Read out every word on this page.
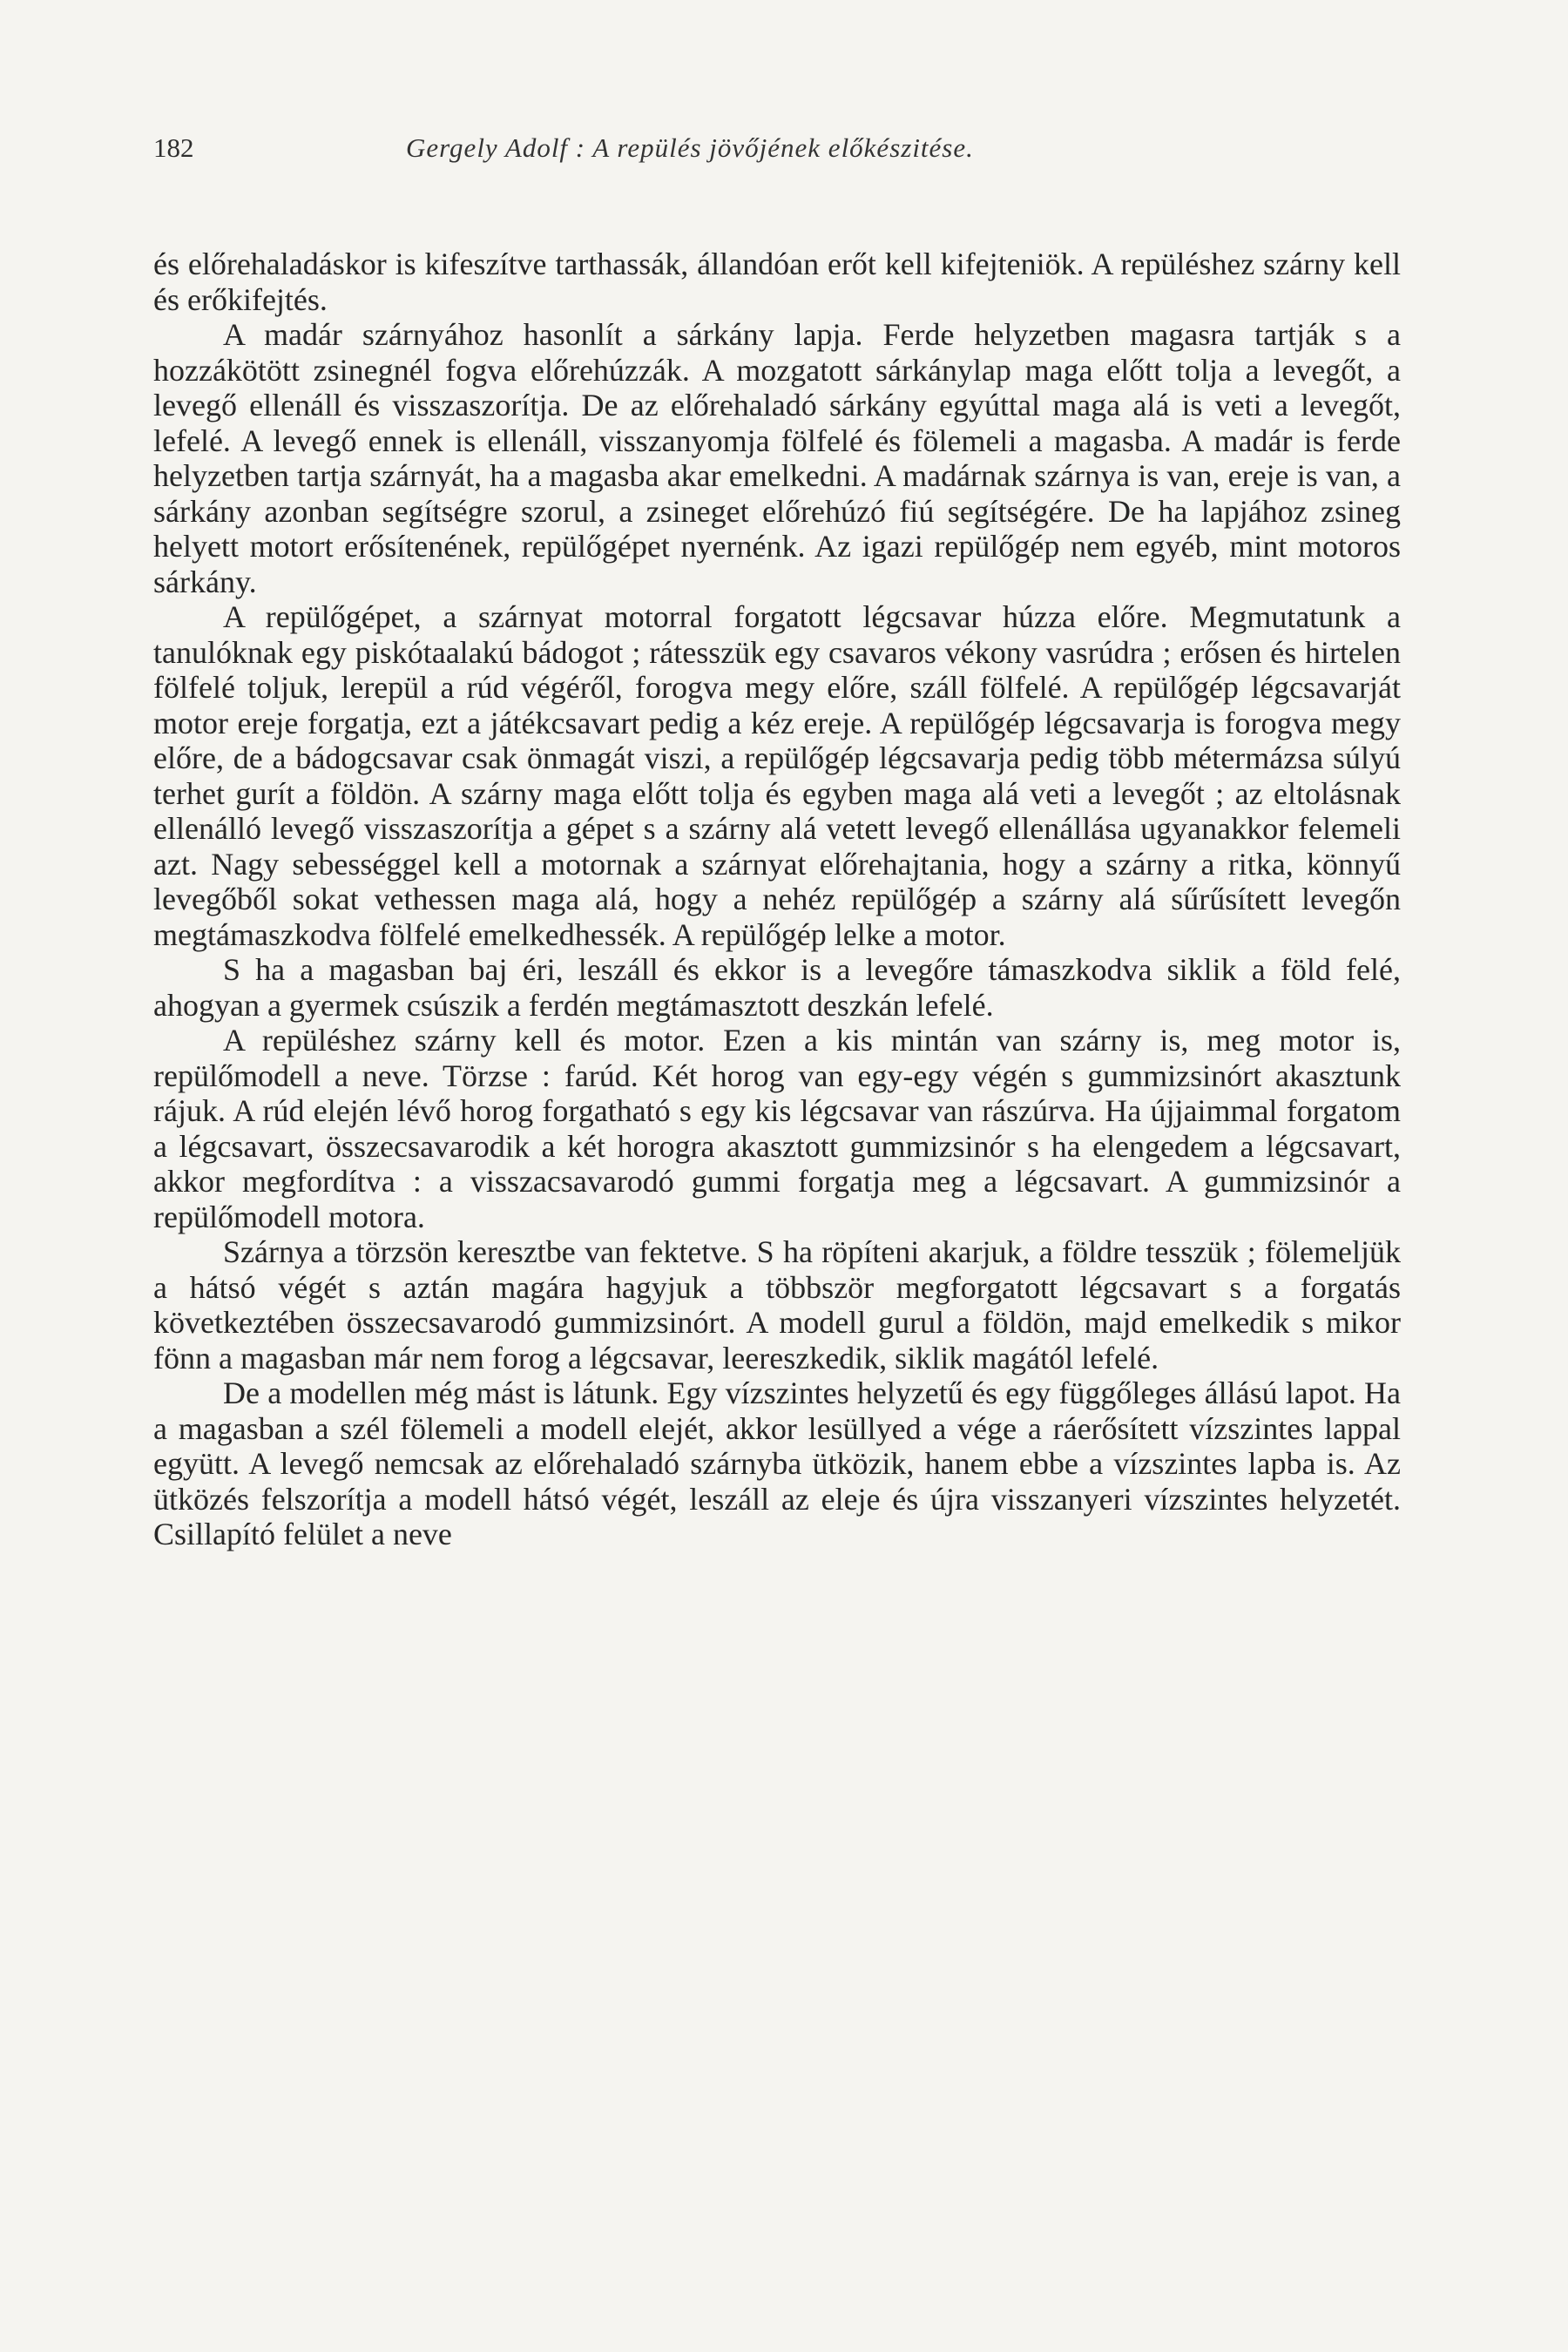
182	Gergely Adolf : A repülés jövőjének előkészitése.

és előrehaladáskor is kifeszítve tarthassák, állandóan erőt kell kifejteniök. A repüléshez szárny kell és erőkifejtés.

A madár szárnyához hasonlít a sárkány lapja. Ferde helyzetben magasra tartják s a hozzákötött zsinegnél fogva előrehúzzák. A mozgatott sárkánylap maga előtt tolja a levegőt, a levegő ellenáll és visszaszorítja. De az előrehaladó sárkány egyúttal maga alá is veti a levegőt, lefelé. A levegő ennek is ellenáll, visszanyomja fölfelé és fölemeli a magasba. A madár is ferde helyzetben tartja szárnyát, ha a magasba akar emelkedni. A madárnak szárnya is van, ereje is van, a sárkány azonban segítségre szorul, a zsineget előrehúzó fiú segítségére. De ha lapjához zsineg helyett motort erősítenének, repülőgépet nyernénk. Az igazi repülőgép nem egyéb, mint motoros sárkány.

A repülőgépet, a szárnyat motorral forgatott légcsavar húzza előre. Megmutatunk a tanulóknak egy piskótaalakú bádogot ; rátesszük egy csavaros vékony vasrúdra ; erősen és hirtelen fölfelé toljuk, lerepül a rúd végéről, forogva megy előre, száll fölfelé. A repülőgép légcsavarját motor ereje forgatja, ezt a játékcsavart pedig a kéz ereje. A repülőgép légcsavarja is forogva megy előre, de a bádogcsavar csak önmagát viszi, a repülőgép légcsavarja pedig több métermázsa súlyú terhet gurít a földön. A szárny maga előtt tolja és egyben maga alá veti a levegőt ; az eltolásnak ellenálló levegő visszaszorítja a gépet s a szárny alá vetett levegő ellenállása ugyanakkor felemeli azt. Nagy sebességgel kell a motornak a szárnyat előrehajtania, hogy a szárny a ritka, könnyű levegőből sokat vethessen maga alá, hogy a nehéz repülőgép a szárny alá sűrűsített levegőn megtámaszkodva fölfelé emelkedhessék. A repülőgép lelke a motor.

S ha a magasban baj éri, leszáll és ekkor is a levegőre támaszkodva siklik a föld felé, ahogyan a gyermek csúszik a ferdén megtámasztott deszkán lefelé.

A repüléshez szárny kell és motor. Ezen a kis mintán van szárny is, meg motor is, repülőmodell a neve. Törzse : farúd. Két horog van egy-egy végén s gummizsinórt akasztunk rájuk. A rúd elején lévő horog forgatható s egy kis légcsavar van rászúrva. Ha újjaimmal forgatom a légcsavart, összecsavarodik a két horogra akasztott gummizsinór s ha elengedem a légcsavart, akkor megfordítva : a visszacsavarodó gummi forgatja meg a légcsavart. A gummizsinór a repülőmodell motora.

Szárnya a törzsön keresztbe van fektetve. S ha röpíteni akarjuk, a földre tesszük ; fölemeljük a hátsó végét s aztán magára hagyjuk a többször megforgatott légcsavart s a forgatás következtében összecsavarodó gummizsinórt. A modell gurul a földön, majd emelkedik s mikor fönn a magasban már nem forog a légcsavar, leereszkedik, siklik magától lefelé.

De a modellen még mást is látunk. Egy vízszintes helyzetű és egy függőleges állású lapot. Ha a magasban a szél fölemeli a modell elejét, akkor lesüllyed a vége a ráerősített vízszintes lappal együtt. A levegő nemcsak az előrehaladó szárnyba ütközik, hanem ebbe a vízszintes lapba is. Az ütközés felszorítja a modell hátsó végét, leszáll az eleje és újra visszanyeri vízszintes helyzetét. Csillapító felület a neve
